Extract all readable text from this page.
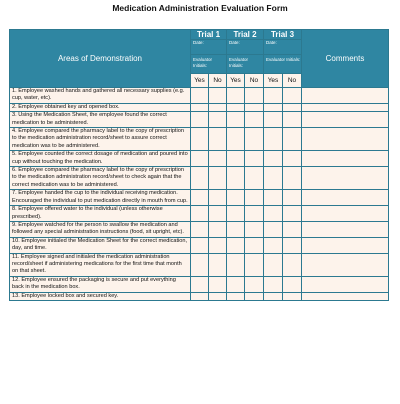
Medication Administration Evaluation Form
Areas of Demonstration	Trial 1		Trial 2		Trial 3		Comments
	Date:		Date:		Date:		
	Evaluator Initials:		Evaluator Initials:		Evaluator Initials:		
	Yes	No	Yes	No	Yes	No	
1. Employee washed hands and gathered all necessary supplies (e.g. cup, water, etc).							
2. Employee obtained key and opened box.							
3. Using the Medication Sheet, the employee found the correct medication to be administered.							
4. Employee compared the pharmacy label to the copy of prescription to the medication administration record/sheet to assure correct medication was to be administered.							
5. Employee counted the correct dosage of medication and poured into cup without touching the medication.							
6. Employee compared the pharmacy label to the copy of prescription to the medication administration record/sheet to check again that the correct medication was to be administered.							
7. Employee handed the cup to the individual receiving medication. Encouraged the individual to put medication directly in mouth from cup.							
8. Employee offered water to the individual (unless otherwise prescribed).							
9. Employee watched for the person to swallow the medication and followed any special administration instructions (food, sit upright, etc).							
10. Employee initialed the Medication Sheet for the correct medication, day, and time.							
11. Employee signed and initialed the medication administration record/sheet if administering medications for the first time that month on that sheet.							
12. Employee ensured the packaging is secure and put everything back in the medication box.							
13. Employee locked box and secured key.							
